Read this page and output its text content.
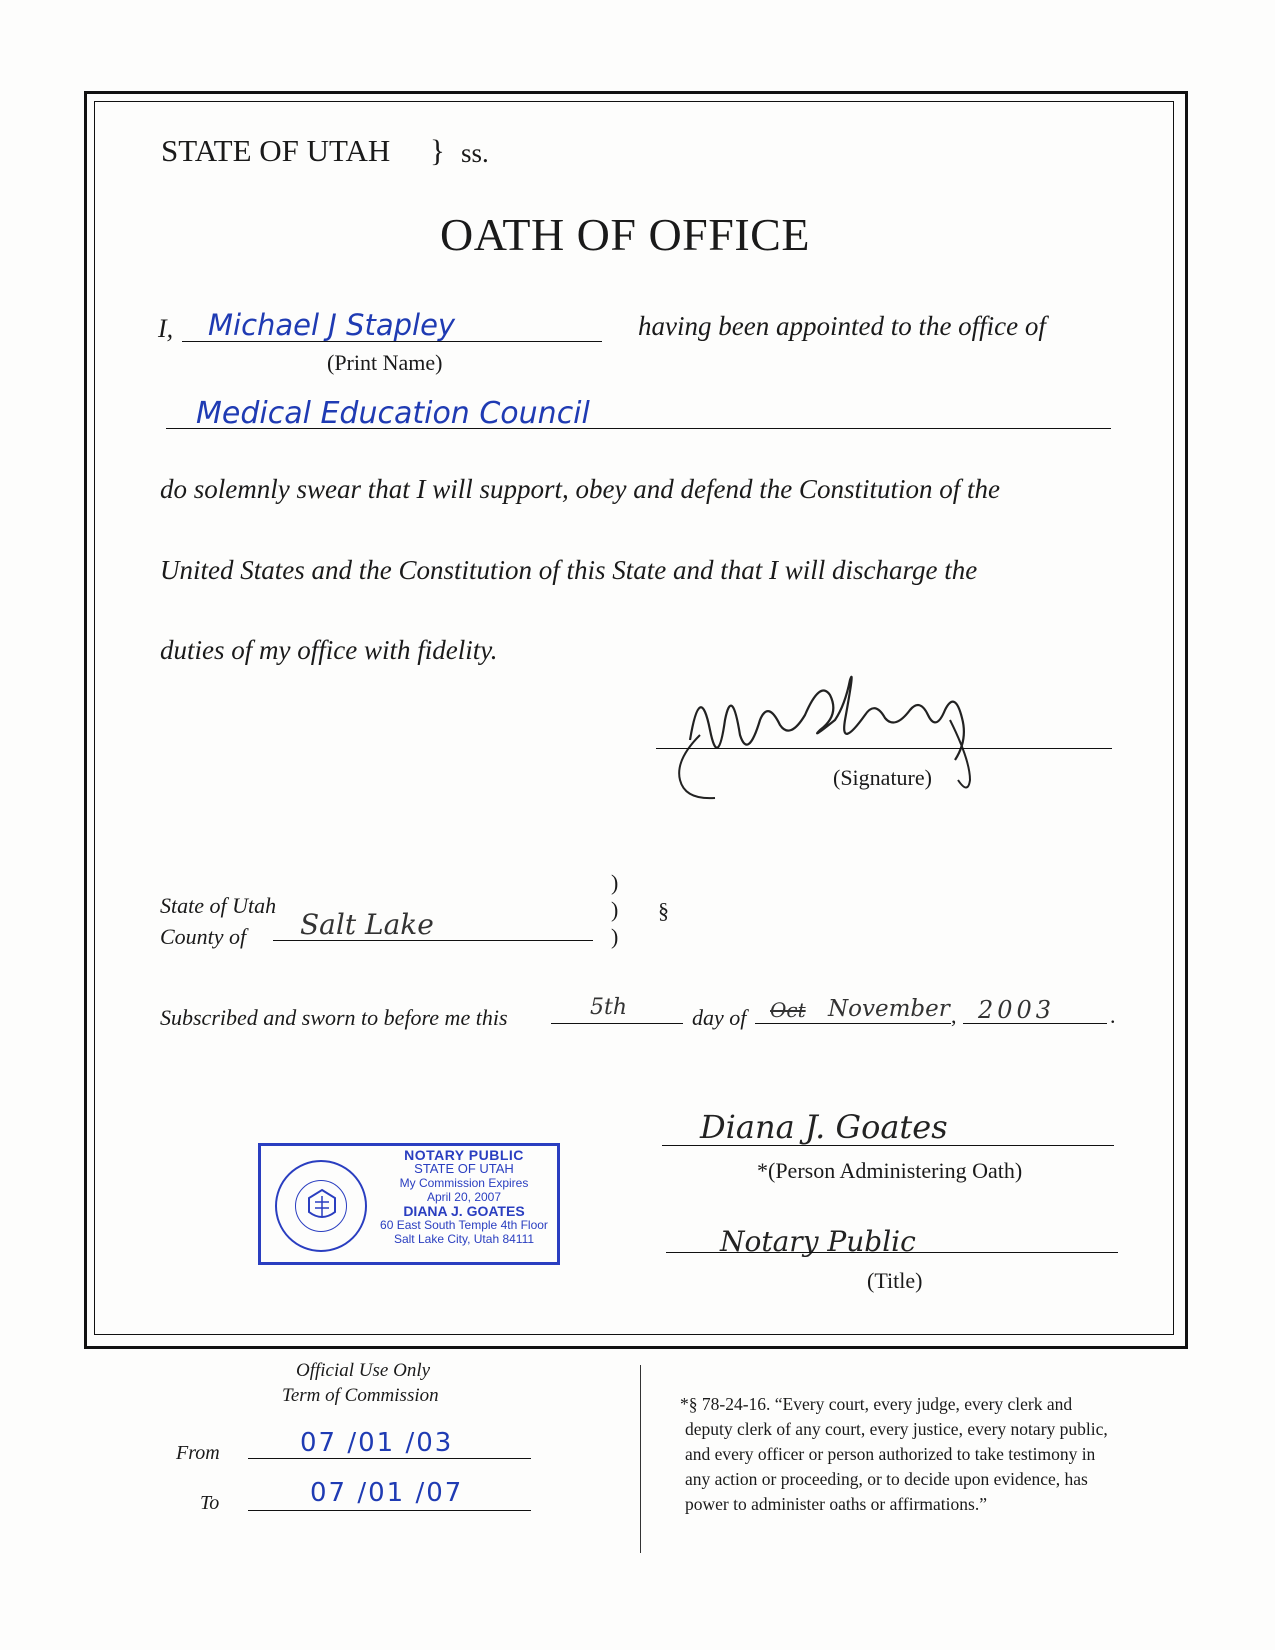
STATE OF UTAH } ss.
OATH OF OFFICE
I, Michael J Stapley	having been appointed to the office of
(Print Name)
Medical Education Council
do solemnly swear that I will support, obey and defend the Constitution of the
United States and the Constitution of this State and that I will discharge the
duties of my office with fidelity.
(Signature)
State of Utah
County of Salt Lake
)
)
)
§
Subscribed and sworn to before me this	5th	day of Oct November , 2003 .
NOTARY PUBLIC
STATE OF UTAH
My Commission Expires
April 20, 2007
DIANA J. GOATES
60 East South Temple 4th Floor
Salt Lake City, Utah 84111
Diana J. Goates
*(Person Administering Oath)
Notary Public
(Title)
Official Use Only
Term of Commission
From	07 /01 /03
To	07 /01 /07
*§ 78-24-16. “Every court, every judge, every clerk and
deputy clerk of any court, every justice, every notary public,
and every officer or person authorized to take testimony in
any action or proceeding, or to decide upon evidence, has
power to administer oaths or affirmations.”
